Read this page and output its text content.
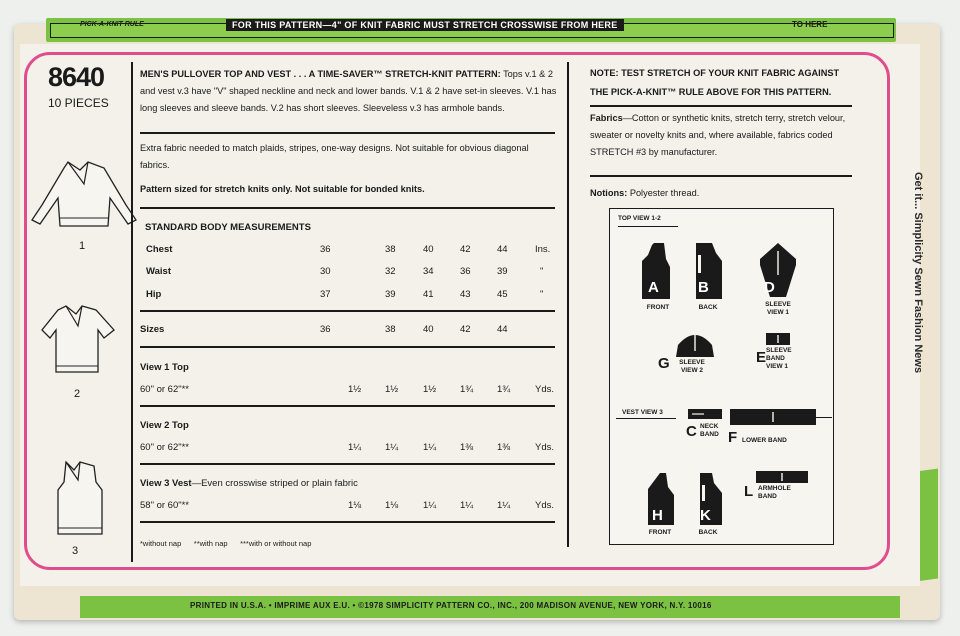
PICK-A-KNIT RULE	FOR THIS PATTERN—4" OF KNIT FABRIC MUST STRETCH CROSSWISE FROM HERE	TO HERE
Get it... Simplicity Sewn Fashion News
8640
10 PIECES
1
2
3
MEN'S PULLOVER TOP AND VEST . . . A TIME-SAVER™ STRETCH-KNIT PATTERN: Tops v.1 & 2 and vest v.3 have "V" shaped neckline and neck and lower bands. V.1 & 2 have set-in sleeves. V.1 has long sleeves and sleeve bands. V.2 has short sleeves. Sleeveless v.3 has armhole bands.
Extra fabric needed to match plaids, stripes, one-way designs. Not suitable for obvious diagonal fabrics.
Pattern sized for stretch knits only. Not suitable for bonded knits.
STANDARD BODY MEASUREMENTS
Chest	36	38	40	42	44	Ins.
Waist	30	32	34	36	39	"
Hip	37	39	41	43	45	"
Sizes	36	38	40	42	44
View 1 Top
60" or 62"**	1½	1½	1½	1¾	1¾	Yds.
View 2 Top
60" or 62"**	1¼	1¼	1¼	1⅜	1⅜	Yds.
View 3 Vest—Even crosswise striped or plain fabric
58" or 60"**	1⅛	1⅛	1¼	1¼	1¼	Yds.
*without nap **with nap ***with or without nap
NOTE: TEST STRETCH OF YOUR KNIT FABRIC AGAINST THE PICK-A-KNIT™ RULE ABOVE FOR THIS PATTERN.
Fabrics—Cotton or synthetic knits, stretch terry, stretch velour, sweater or novelty knits and, where available, fabrics coded STRETCH #3 by manufacturer.
Notions: Polyester thread.
TOP VIEW 1-2
A
FRONT
B
BACK
D
SLEEVE VIEW 1
G	SLEEVE VIEW 2
E SLEEVE BAND VIEW 1
VEST VIEW 3
C NECK BAND F LOWER BAND
H
FRONT
K
BACK
L ARMHOLE BAND
PRINTED IN U.S.A. • IMPRIME AUX E.U. • ©1978 SIMPLICITY PATTERN CO., INC., 200 MADISON AVENUE, NEW YORK, N.Y. 10016
